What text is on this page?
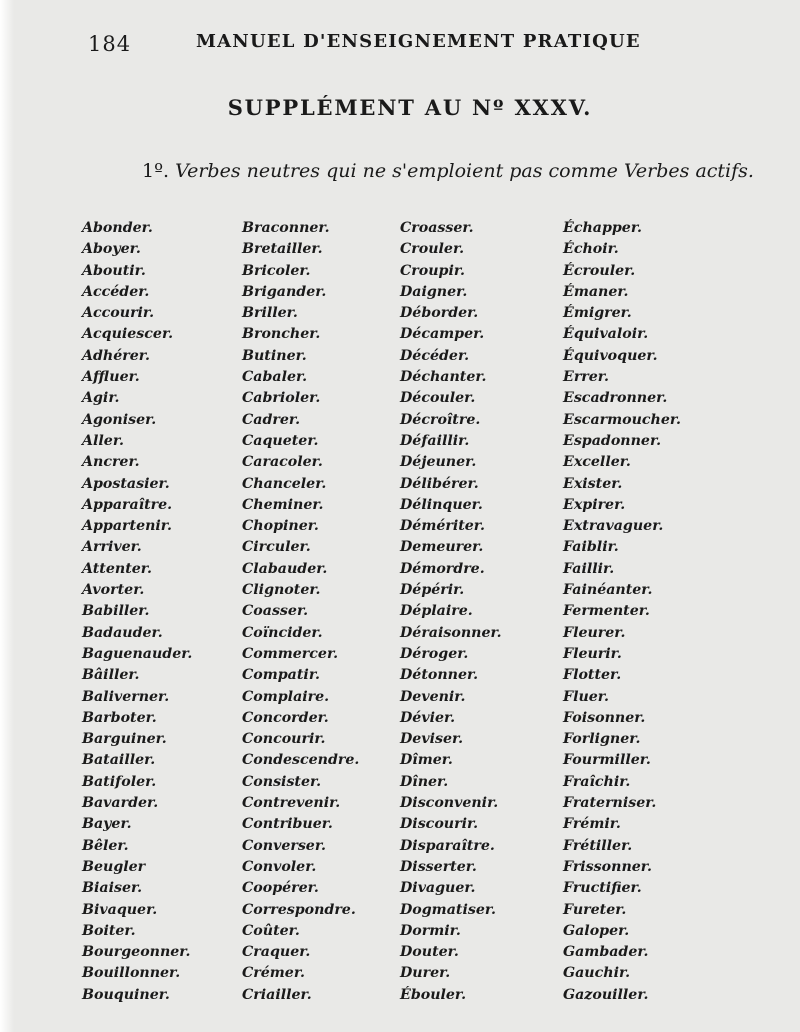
184	MANUEL D'ENSEIGNEMENT PRATIQUE
SUPPLÉMENT AU Nº XXXV.
1º. Verbes neutres qui ne s'emploient pas comme Verbes actifs.
Abonder.
Aboyer.
Aboutir.
Accéder.
Accourir.
Acquiescer.
Adhérer.
Affluer.
Agir.
Agoniser.
Aller.
Ancrer.
Apostasier.
Apparaître.
Appartenir.
Arriver.
Attenter.
Avorter.
Babiller.
Badauder.
Baguenauder.
Bâiller.
Baliverner.
Barboter.
Barguiner.
Batailler.
Batifoler.
Bavarder.
Bayer.
Bêler.
Beugler
Biaiser.
Bivaquer.
Boiter.
Bourgeonner.
Bouillonner.
Bouquiner.
Braconner.
Bretailler.
Bricoler.
Brigander.
Briller.
Broncher.
Butiner.
Cabaler.
Cabrioler.
Cadrer.
Caqueter.
Caracoler.
Chanceler.
Cheminer.
Chopiner.
Circuler.
Clabauder.
Clignoter.
Coasser.
Coïncider.
Commercer.
Compatir.
Complaire.
Concorder.
Concourir.
Condescendre.
Consister.
Contrevenir.
Contribuer.
Converser.
Convoler.
Coopérer.
Correspondre.
Coûter.
Craquer.
Crémer.
Criailler.
Croasser.
Crouler.
Croupir.
Daigner.
Déborder.
Décamper.
Décéder.
Déchanter.
Découler.
Décroître.
Défaillir.
Déjeuner.
Délibérer.
Délinquer.
Démériter.
Demeurer.
Démordre.
Dépérir.
Déplaire.
Déraisonner.
Déroger.
Détonner.
Devenir.
Dévier.
Deviser.
Dîmer.
Dîner.
Disconvenir.
Discourir.
Disparaître.
Disserter.
Divaguer.
Dogmatiser.
Dormir.
Douter.
Durer.
Ébouler.
Échapper.
Échoir.
Écrouler.
Émaner.
Émigrer.
Équivaloir.
Équivoquer.
Errer.
Escadronner.
Escarmoucher.
Espadonner.
Exceller.
Exister.
Expirer.
Extravaguer.
Faiblir.
Faillir.
Fainéanter.
Fermenter.
Fleurer.
Fleurir.
Flotter.
Fluer.
Foisonner.
Forligner.
Fourmiller.
Fraîchir.
Fraterniser.
Frémir.
Frétiller.
Frissonner.
Fructifier.
Fureter.
Galoper.
Gambader.
Gauchir.
Gazouiller.
